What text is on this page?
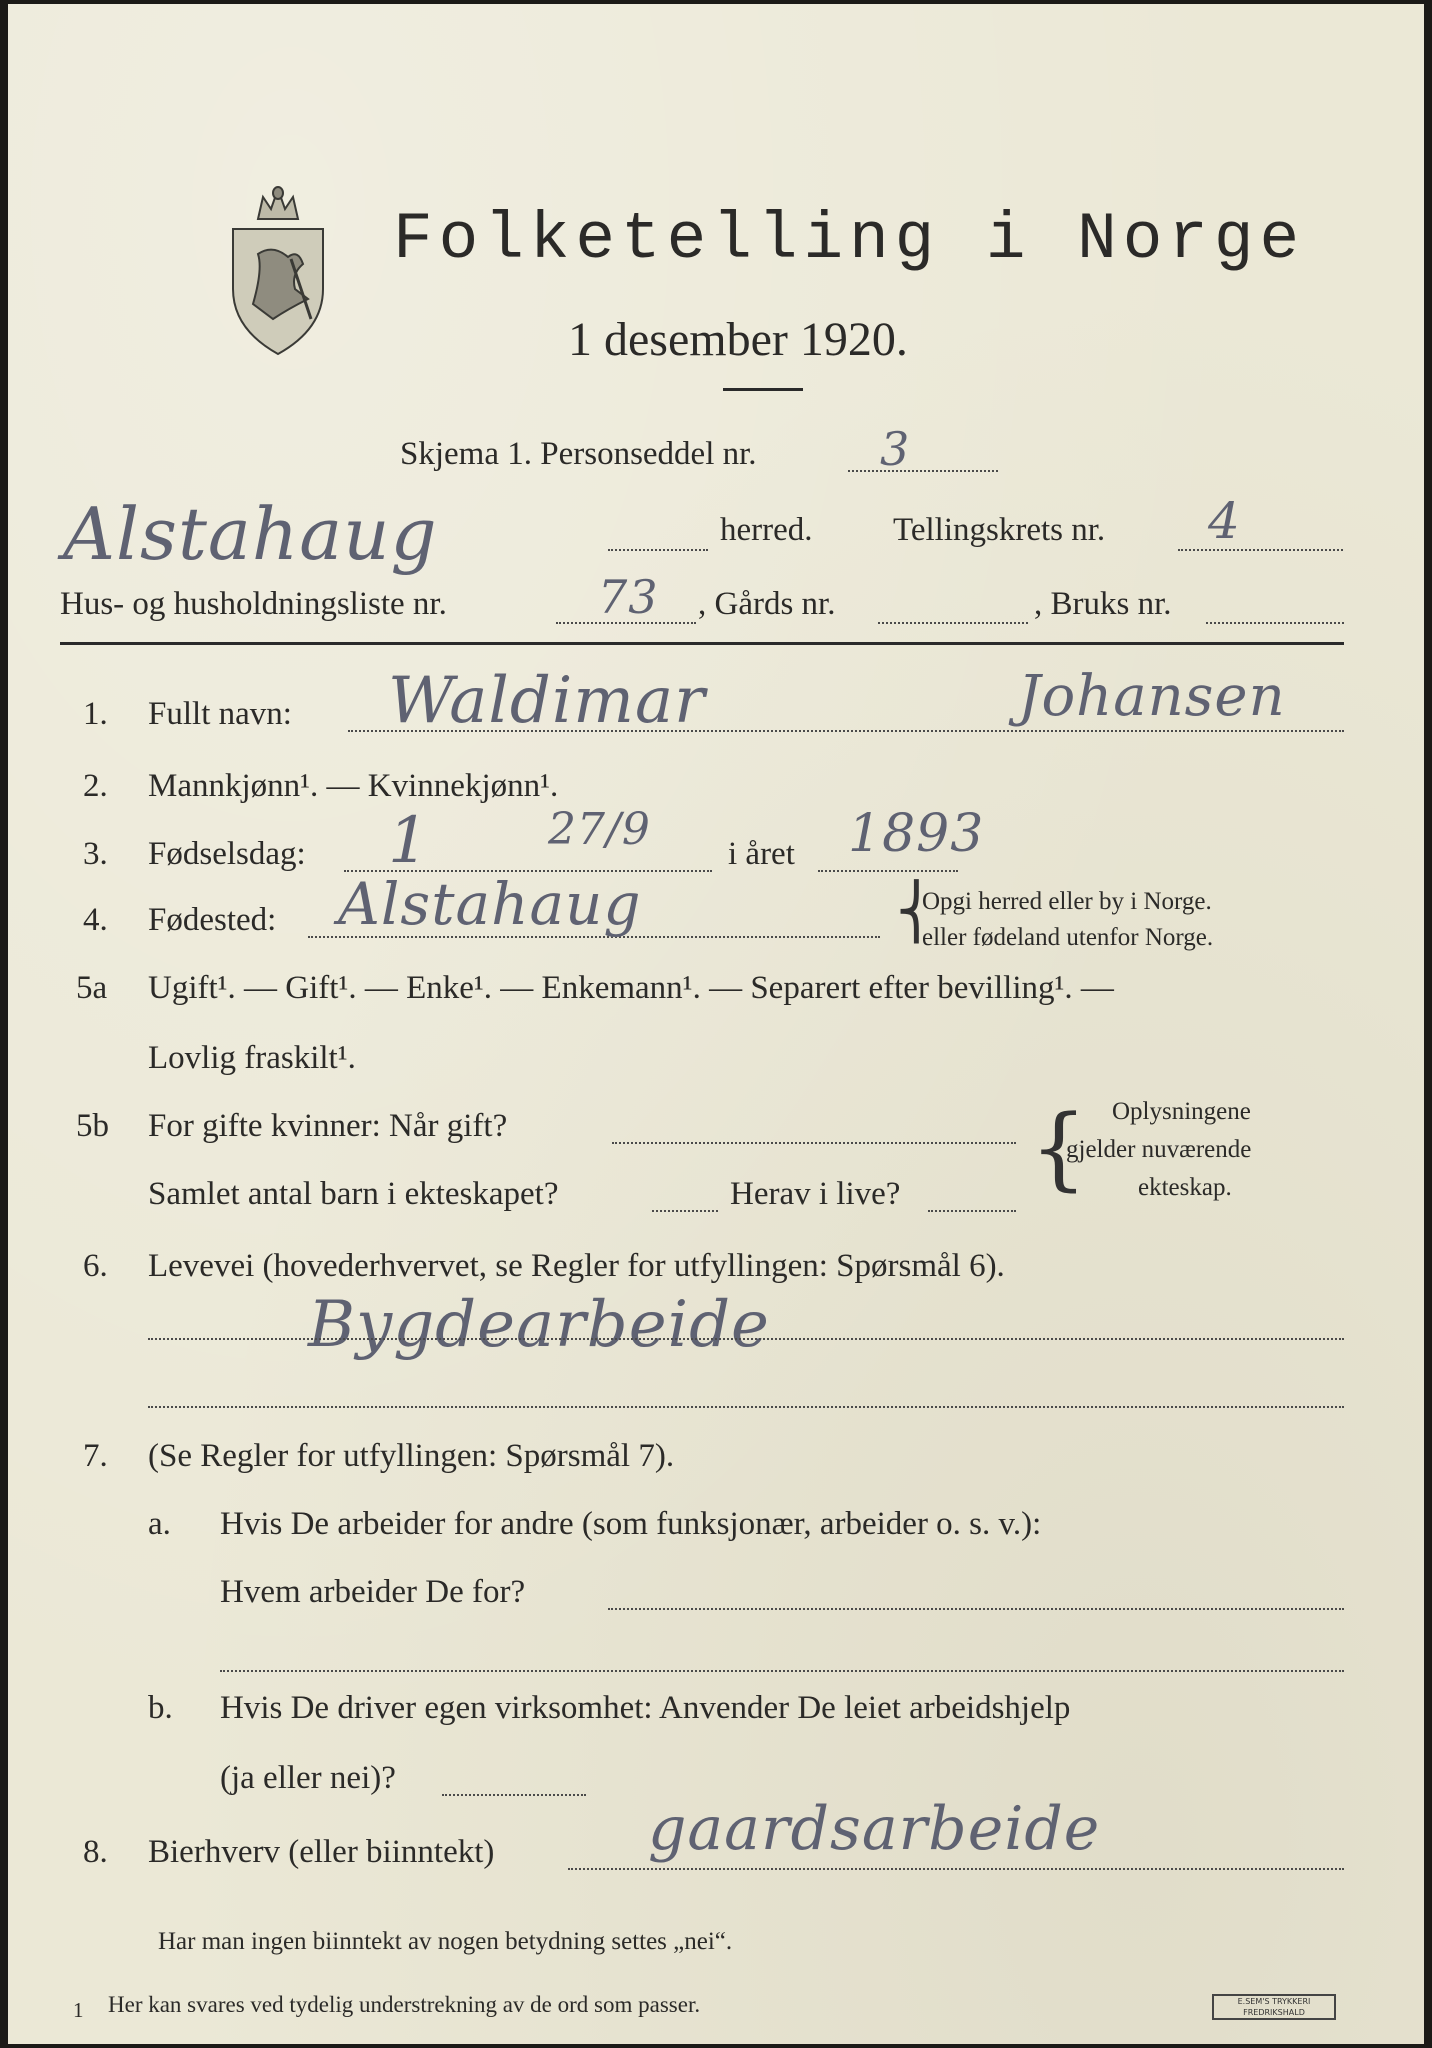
Folketelling i Norge
1 desember 1920.
Skjema 1. Personseddel nr.	3
Alstahaug	herred. Tellingskrets nr. 4
Hus- og husholdningsliste nr.	73 , Gårds nr.	, Bruks nr.
1. Fullt navn: Waldimar	Johansen
2. Mannkjønn¹. — Kvinnekjønn¹.
3. Fødselsdag: 1	27/9 i året 1893
4. Fødested: Alstahaug	⎨
Opgi herred eller by i Norge.
eller fødeland utenfor Norge.
5a Ugift¹. — Gift¹. — Enke¹. — Enkemann¹. — Separert efter bevilling¹. —
Lovlig fraskilt¹.
5b For gifte kvinner: Når gift?
Samlet antal barn i ekteskapet?	Herav i live? { Oplysningene
gjelder nuværende
ekteskap.
6. Levevei (hovederhvervet, se Regler for utfyllingen: Spørsmål 6).
Bygdearbeide
7. (Se Regler for utfyllingen: Spørsmål 7).
a. Hvis De arbeider for andre (som funksjonær, arbeider o. s. v.):
Hvem arbeider De for?
b. Hvis De driver egen virksomhet: Anvender De leiet arbeidshjelp
(ja eller nei)?
8. Bierhverv (eller biinntekt)	gaardsarbeide
Har man ingen biinntekt av nogen betydning settes „nei“.
1 Her kan svares ved tydelig understrekning av de ord som passer.	E.SEM'S TRYKKERI FREDRIKSHALD
